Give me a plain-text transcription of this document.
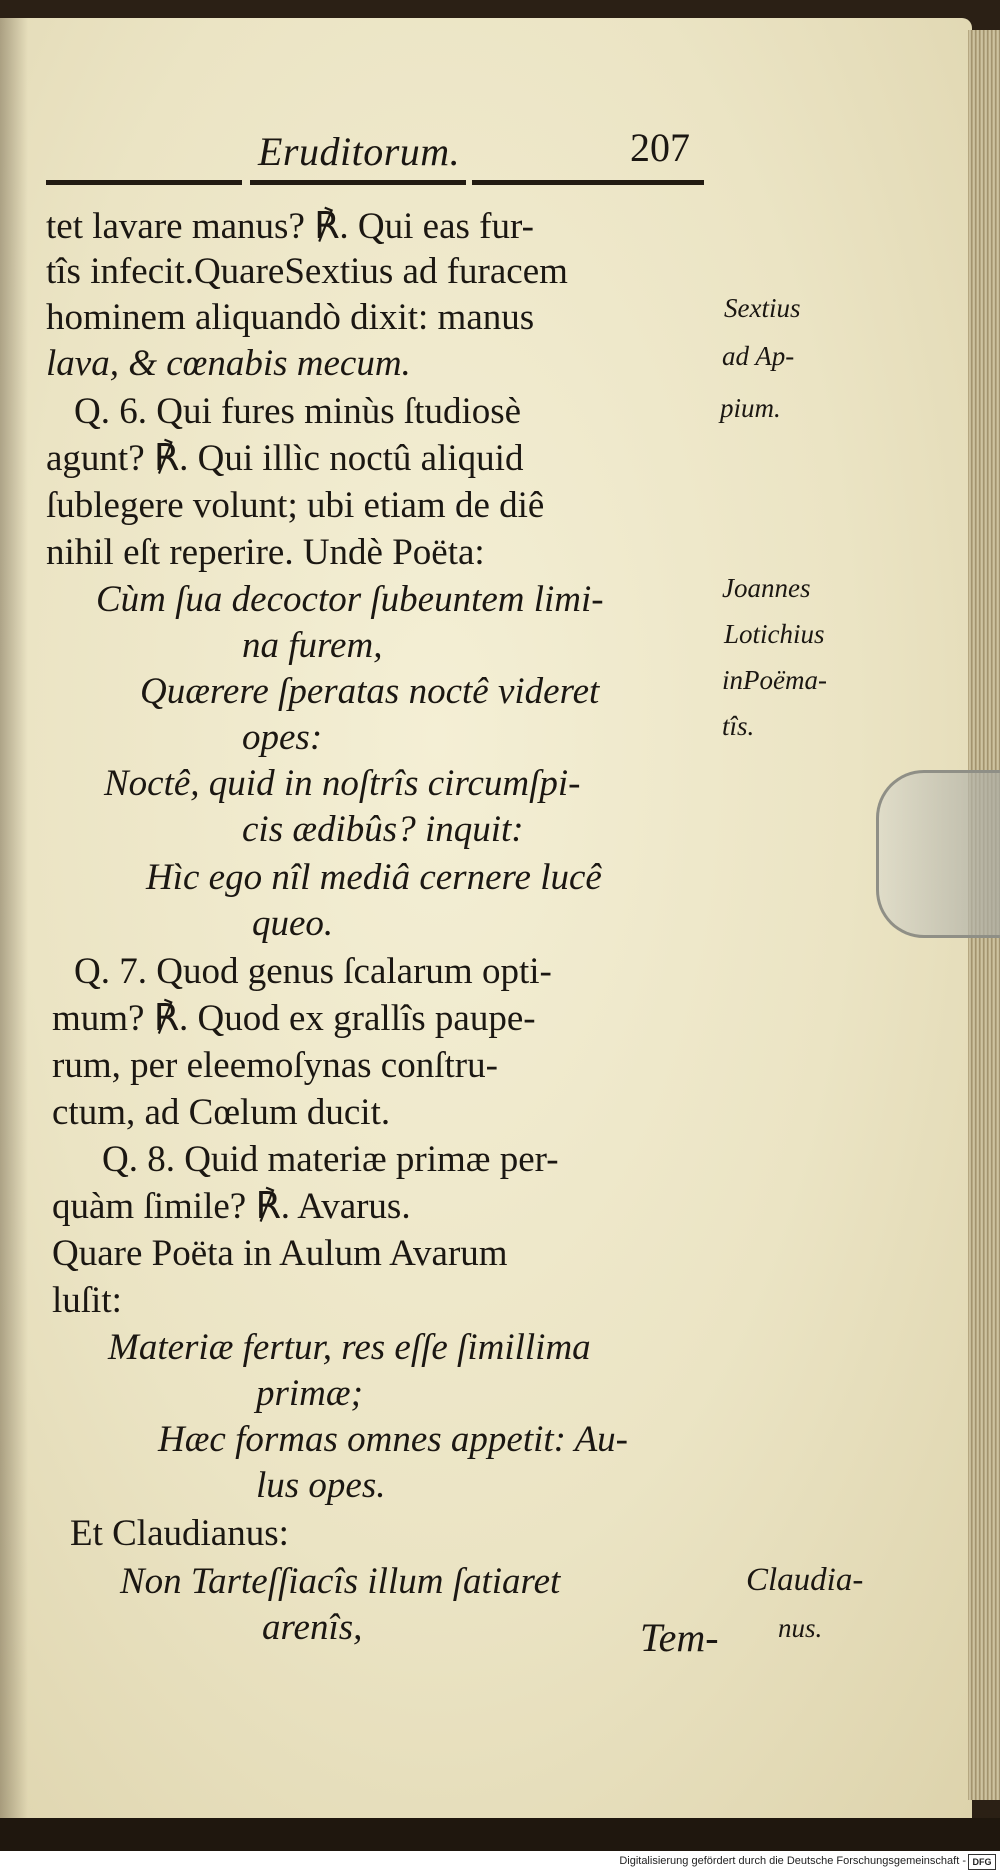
Eruditorum.	207
tet lavare manus? ℟. Qui eas fur-
tîs infecit.QuareSextius ad furacem
hominem aliquandò dixit: manus
lava, & cœnabis mecum.
Q. 6. Qui fures minùs ſtudiosè
agunt? ℟. Qui illìc noctû aliquid
ſublegere volunt; ubi etiam de diê
nihil eſt reperire. Undè Poëta:
Cùm ſua decoctor ſubeuntem limi-
na furem,
Quærere ſperatas noctê videret
opes:
Noctê, quid in noſtrîs circumſpi-
cis ædibûs? inquit:
Hìc ego nîl mediâ cernere lucê
queo.
Q. 7. Quod genus ſcalarum opti-
mum? ℟. Quod ex grallîs paupe-
rum, per eleemoſynas conſtru-
ctum, ad Cœlum ducit.
Q. 8. Quid materiæ primæ per-
quàm ſimile? ℟. Avarus.
Quare Poëta in Aulum Avarum
luſit:
Materiæ fertur, res eſſe ſimillima
primæ;
Hæc formas omnes appetit: Au-
lus opes.
Et Claudianus:
Non Tarteſſiacîs illum ſatiaret
arenîs,
Sextius
ad Ap-
pium.
Joannes
Lotichius
inPoëma-
tîs.
Claudia-
nus.
Tem-
Digitalisierung gefördert durch die Deutsche Forschungsgemeinschaft - DFG
